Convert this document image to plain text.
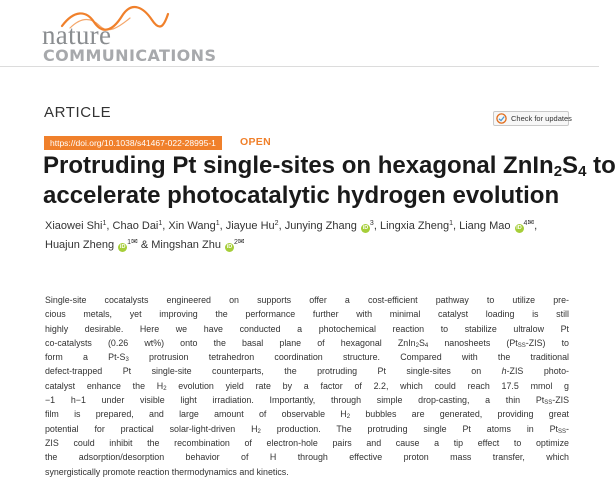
nature
COMMUNICATIONS
ARTICLE	Check for updates
https://doi.org/10.1038/s41467-022-28995-1	OPEN
Protruding Pt single-sites on hexagonal $ZnIn_2S_4$ to
accelerate photocatalytic hydrogen evolution
Xiaowei Shi$^1$, Chao Dai$^1$, Xin Wang$^1$, Jiayue Hu$^2$, Junying Zhang iD$^3$, Lingxia Zheng$^1$, Liang Mao iD$^{4✉}$,
Huajun Zheng iD$^{1✉}$ & Mingshan Zhu iD$^{2✉}$
Single-site cocatalysts engineered on supports offer a cost-efficient pathway to utilize pre-
cious metals, yet improving the performance further with minimal catalyst loading is still
highly desirable. Here we have conducted a photochemical reaction to stabilize ultralow Pt
co-catalysts (0.26 wt%) onto the basal plane of hexagonal $ZnIn_2S_4$ nanosheets $(Pt_{SS}-ZIS)$ to
form a $Pt-S_3$ protrusion tetrahedron coordination structure. Compared with the traditional
defect-trapped Pt single-site counterparts, the protruding Pt single-sites on h-ZIS photo-
catalyst enhance the $H_2$ evolution yield rate by a factor of 2.2, which could reach 17.5 mmol g
−1 h−1 under visible light irradiation. Importantly, through simple drop-casting, a thin $Pt_{SS}$-ZIS
film is prepared, and large amount of observable $H_2$ bubbles are generated, providing great
potential for practical solar-light-driven $H_2$ production. The protruding single Pt atoms in $Pt_{SS}-$
ZIS could inhibit the recombination of electron-hole pairs and cause a tip effect to optimize
the adsorption/desorption behavior of H through effective proton mass transfer, which
synergistically promote reaction thermodynamics and kinetics.
